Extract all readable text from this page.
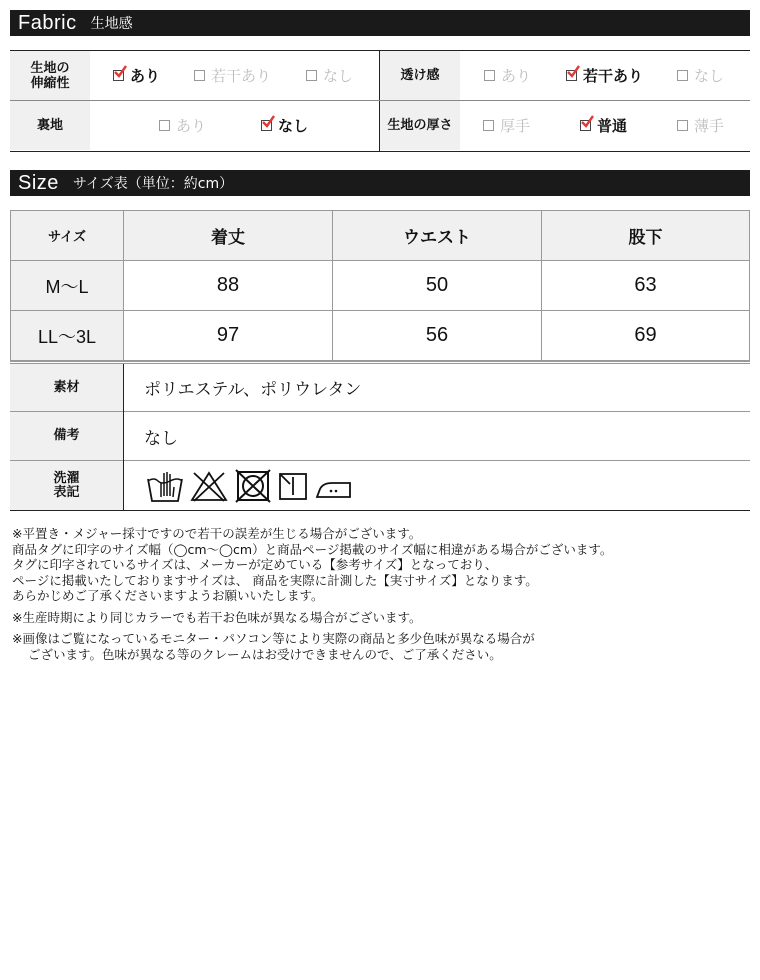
Fabric 生地感
生地の
伸縮性	あり	若干あり	なし	透け感	あり	若干あり	なし
裏地	あり	なし	生地の厚さ	厚手	普通	薄手
Size サイズ表（単位：約cm）
サイズ	着丈	ウエスト	股下
M〜L	88	50	63
LL〜3L	97	56	69
素材	ポリエステル、ポリウレタン
備考	なし
洗濯
表記	

※平置き・メジャー採寸ですので若干の誤差が生じる場合がございます。

商品タグに印字のサイズ幅（◯cm〜◯cm）と商品ページ掲載のサイズ幅に相違がある場合がございます。

タグに印字されているサイズは、メーカーが定めている【参考サイズ】となっており、

ページに掲載いたしておりますサイズは、 商品を実際に計測した【実寸サイズ】となります。

あらかじめご了承くださいますようお願いいたします。

※生産時期により同じカラーでも若干お色味が異なる場合がございます。

※画像はご覧になっているモニター・パソコン等により実際の商品と多少色味が異なる場合が

ございます。色味が異なる等のクレームはお受けできませんので、ご了承ください。
